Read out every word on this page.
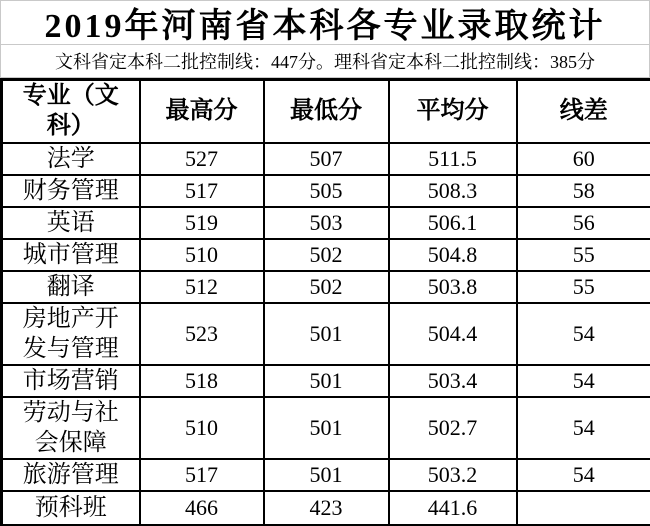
2019年河南省本科各专业录取统计
文科省定本科二批控制线：447分。理科省定本科二批控制线：385分
专业（文科）	最高分	最低分	平均分	线差
法学	527	507	511.5	60
财务管理	517	505	508.3	58
英语	519	503	506.1	56
城市管理	510	502	504.8	55
翻译	512	502	503.8	55
房地产开发与管理	523	501	504.4	54
市场营销	518	501	503.4	54
劳动与社会保障	510	501	502.7	54
旅游管理	517	501	503.2	54
预科班	466	423	441.6	
